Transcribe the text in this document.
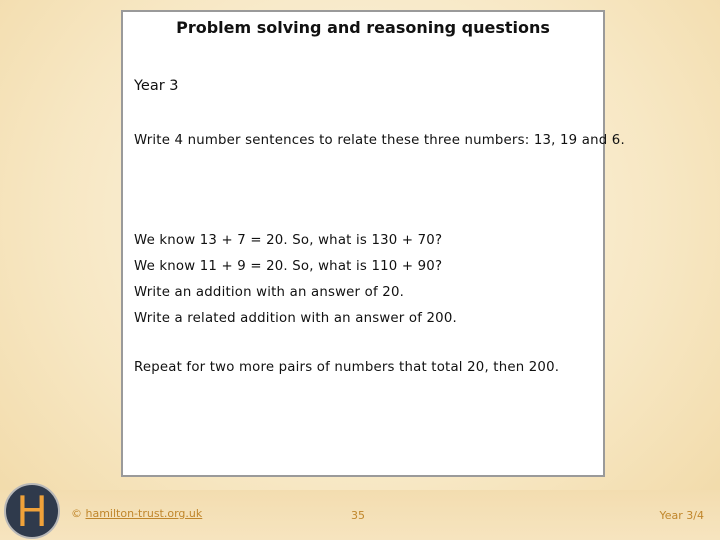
Problem solving and reasoning questions
Year 3
Write 4 number sentences to relate these three numbers: 13, 19 and 6.
We know 13 + 7 = 20. So, what is 130 + 70?
We know 11 + 9 = 20. So, what is 110 + 90?
Write an addition with an answer of 20.
Write a related addition with an answer of 200.
Repeat for two more pairs of numbers that total 20, then 200.
H	© hamilton-trust.org.uk	35	Year 3/4
